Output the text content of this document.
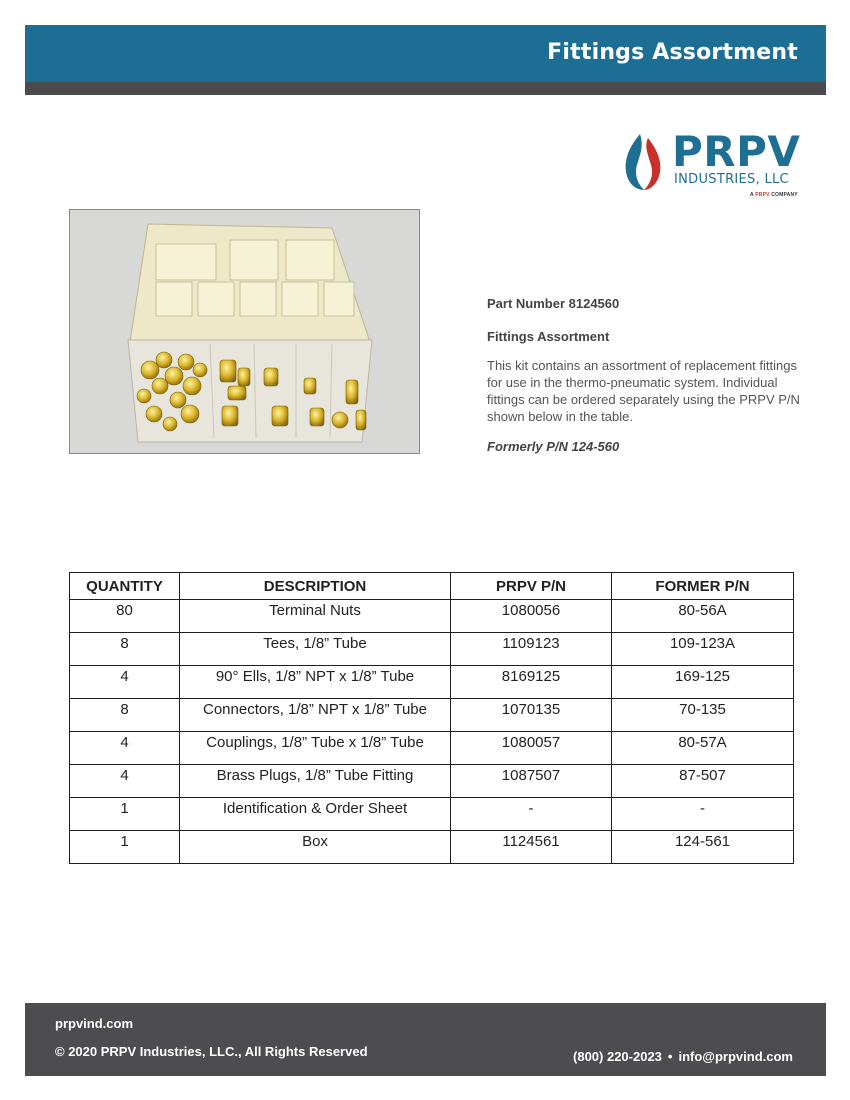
Fittings Assortment
PRPV
INDUSTRIES, LLC
A PRPV COMPANY

Part Number 8124560

Fittings Assortment

This kit contains an assortment of replacement fittings for use in the thermo-pneumatic system. Individual fittings can be ordered separately using the PRPV P/N shown below in the table.

Formerly P/N 124-560

QUANTITY	DESCRIPTION	PRPV P/N	FORMER P/N
80	Terminal Nuts	1080056	80-56A
8	Tees, 1/8” Tube	1109123	109-123A
4	90° Ells, 1/8” NPT x 1/8” Tube	8169125	169-125
8	Connectors, 1/8” NPT x 1/8” Tube	1070135	70-135
4	Couplings, 1/8” Tube x 1/8” Tube	1080057	80-57A
4	Brass Plugs, 1/8” Tube Fitting	1087507	87-507
1	Identification & Order Sheet	-	-
1	Box	1124561	124-561
prpvind.com
© 2020 PRPV Industries, LLC., All Rights Reserved	(800) 220-2023 • info@prpvind.com
